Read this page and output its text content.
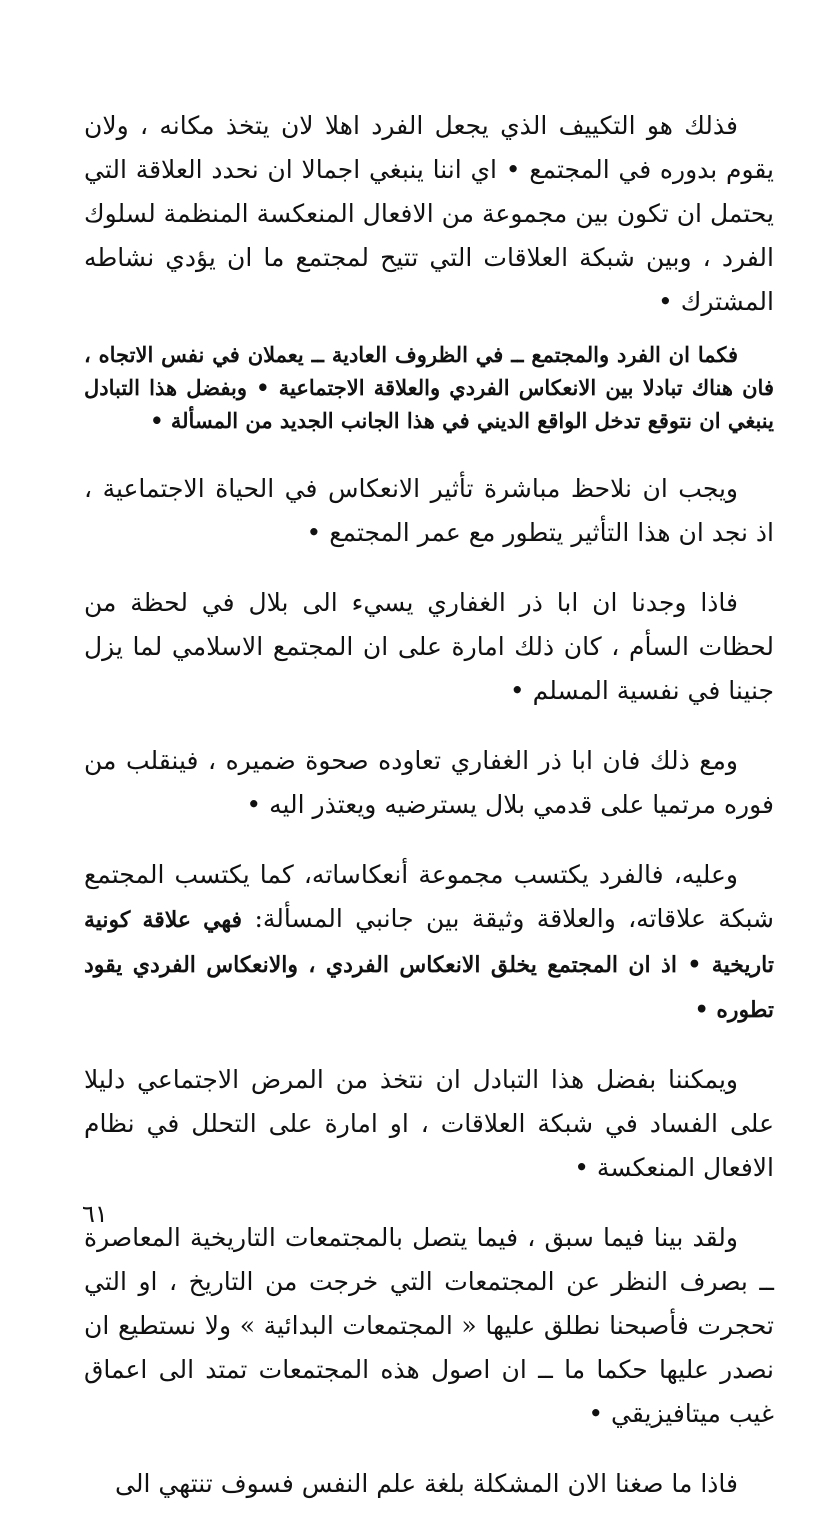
فذلك هو التكييف الذي يجعل الفرد اهلا لان يتخذ مكانه ، ولان يقوم بدوره في المجتمع • اي اننا ينبغي اجمالا ان نحدد العلاقة التي يحتمل ان تكون بين مجموعة من الافعال المنعكسة المنظمة لسلوك الفرد ، وبين شبكة العلاقات التي تتيح لمجتمع ما ان يؤدي نشاطه المشترك •

فكما ان الفرد والمجتمع ــ في الظروف العادية ــ يعملان في نفس الاتجاه ، فان هناك تبادلا بين الانعكاس الفردي والعلاقة الاجتماعية • وبفضل هذا التبادل ينبغي ان نتوقع تدخل الواقع الديني في هذا الجانب الجديد من المسألة •

ويجب ان نلاحظ مباشرة تأثير الانعكاس في الحياة الاجتماعية ، اذ نجد ان هذا التأثير يتطور مع عمر المجتمع •

فاذا وجدنا ان ابا ذر الغفاري يسيء الى بلال في لحظة من لحظات السأم ، كان ذلك امارة على ان المجتمع الاسلامي لما يزل جنينا في نفسية المسلم •

ومع ذلك فان ابا ذر الغفاري تعاوده صحوة ضميره ، فينقلب من فوره مرتميا على قدمي بلال يسترضيه ويعتذر اليه •

وعليه، فالفرد يكتسب مجموعة أنعكاساته، كما يكتسب المجتمع شبكة علاقاته، والعلاقة وثيقة بين جانبي المسألة: فهي علاقة كونية تاريخية • اذ ان المجتمع يخلق الانعكاس الفردي ، والانعكاس الفردي يقود تطوره •

ويمكننا بفضل هذا التبادل ان نتخذ من المرض الاجتماعي دليلا على الفساد في شبكة العلاقات ، او امارة على التحلل في نظام الافعال المنعكسة •

ولقد بينا فيما سبق ، فيما يتصل بالمجتمعات التاريخية المعاصرة ــ بصرف النظر عن المجتمعات التي خرجت من التاريخ ، او التي تحجرت فأصبحنا نطلق عليها « المجتمعات البدائية » ولا نستطيع ان نصدر عليها حكما ما ــ ان اصول هذه المجتمعات تمتد الى اعماق غيب ميتافيزيقي •

فاذا ما صغنا الان المشكلة بلغة علم النفس فسوف تنتهي الى

٦١
